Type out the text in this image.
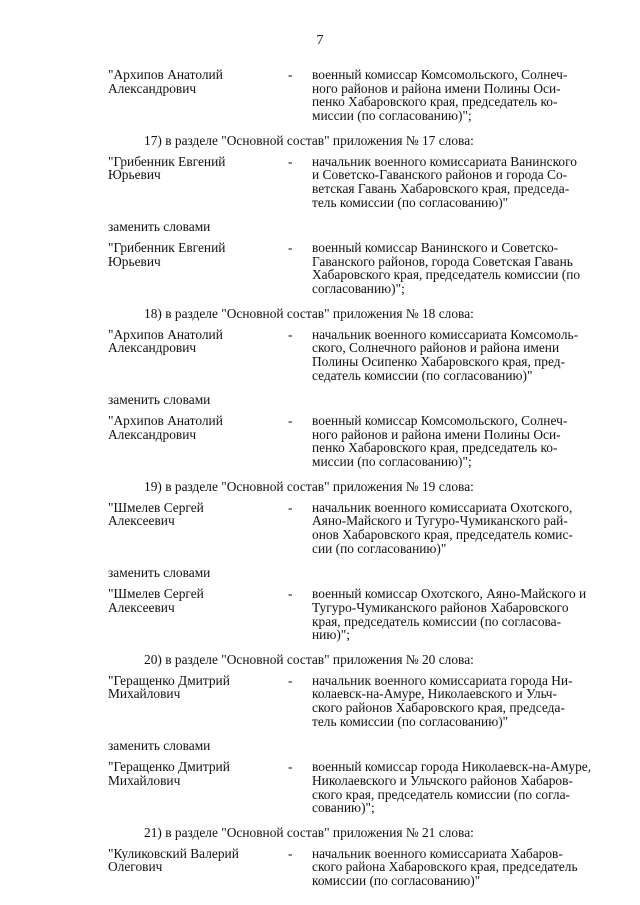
7
"Архипов Анатолий
Александрович
-	военный комиссар Комсомольского, Солнеч-
ного районов и района имени Полины Оси-
пенко Хабаровского края, председатель ко-
миссии (по согласованию)";
17) в разделе "Основной состав" приложения № 17 слова:
"Грибенник Евгений
Юрьевич
-	начальник военного комиссариата Ванинского
и Советско-Гаванского районов и города Со-
ветская Гавань Хабаровского края, председа-
тель комиссии (по согласованию)"
заменить словами
"Грибенник Евгений
Юрьевич
-	военный комиссар Ванинского и Советско-
Гаванского районов, города Советская Гавань
Хабаровского края, председатель комиссии (по
согласованию)";
18) в разделе "Основной состав" приложения № 18 слова:
"Архипов Анатолий
Александрович
-	начальник военного комиссариата Комсомоль-
ского, Солнечного районов и района имени
Полины Осипенко Хабаровского края, пред-
седатель комиссии (по согласованию)"
заменить словами
"Архипов Анатолий
Александрович
-	военный комиссар Комсомольского, Солнеч-
ного районов и района имени Полины Оси-
пенко Хабаровского края, председатель ко-
миссии (по согласованию)";
19) в разделе "Основной состав" приложения № 19 слова:
"Шмелев Сергей
Алексеевич
-	начальник военного комиссариата Охотского,
Аяно-Майского и Тугуро-Чумиканского рай-
онов Хабаровского края, председатель комис-
сии (по согласованию)"
заменить словами
"Шмелев Сергей
Алексеевич
-	военный комиссар Охотского, Аяно-Майского и
Тугуро-Чумиканского районов Хабаровского
края, председатель комиссии (по согласова-
нию)";
20) в разделе "Основной состав" приложения № 20 слова:
"Геращенко Дмитрий
Михайлович
-	начальник военного комиссариата города Ни-
колаевск-на-Амуре, Николаевского и Ульч-
ского районов Хабаровского края, председа-
тель комиссии (по согласованию)"
заменить словами
"Геращенко Дмитрий
Михайлович
-	военный комиссар города Николаевск-на-Амуре,
Николаевского и Ульчского районов Хабаров-
ского края, председатель комиссии (по согла-
сованию)";
21) в разделе "Основной состав" приложения № 21 слова:
"Куликовский Валерий
Олегович
-	начальник военного комиссариата Хабаров-
ского района Хабаровского края, председатель
комиссии (по согласованию)"
